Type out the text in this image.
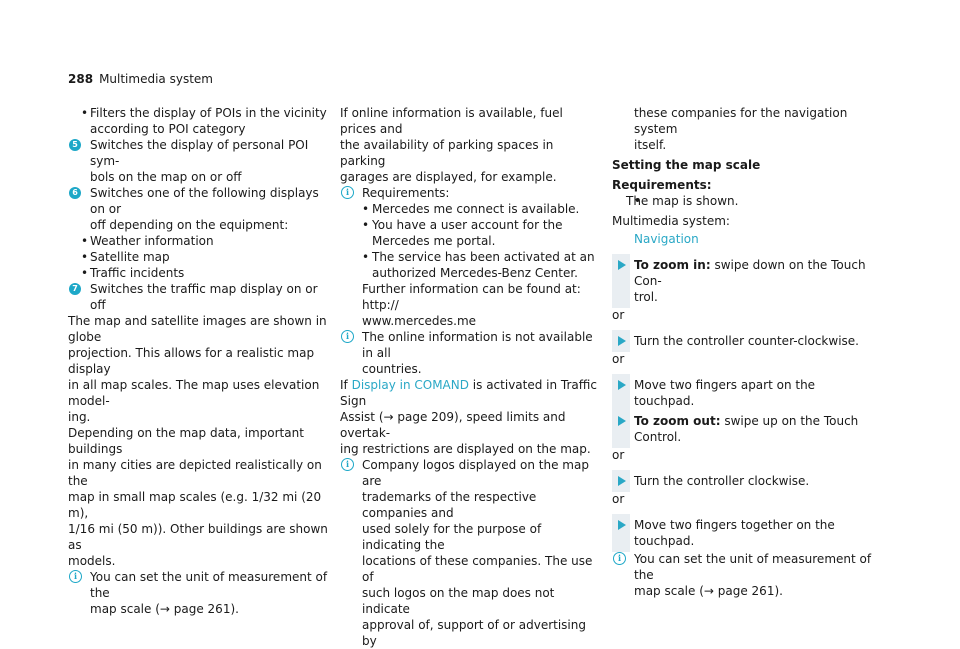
288 Multimedia system
• Filters the display of POIs in the vicinity
according to POI category
5 Switches the display of personal POI sym-
bols on the map on or off
6 Switches one of the following displays on or
off depending on the equipment:
• Weather information
• Satellite map
• Traffic incidents
7 Switches the traffic map display on or off
The map and satellite images are shown in globe
projection. This allows for a realistic map display
in all map scales. The map uses elevation model-
ing.
Depending on the map data, important buildings
in many cities are depicted realistically on the
map in small map scales (e.g. 1/32 mi (20 m),
1/16 mi (50 m)). Other buildings are shown as
models.
i	You can set the unit of measurement of the
map scale (→ page 261).
If online information is available, fuel prices and
the availability of parking spaces in parking
garages are displayed, for example.
i	Requirements:
• Mercedes me connect is available.
• You have a user account for the
Mercedes me portal.
• The service has been activated at an
authorized Mercedes-Benz Center.
Further information can be found at: http://
www.mercedes.me
i	The online information is not available in all
countries.
If Display in COMAND is activated in Traffic Sign
Assist (→ page 209), speed limits and overtak-
ing restrictions are displayed on the map.
i	Company logos displayed on the map are
trademarks of the respective companies and
used solely for the purpose of indicating the
locations of these companies. The use of
such logos on the map does not indicate
approval of, support of or advertising by
these companies for the navigation system
itself.
Setting the map scale
Requirements:
• The map is shown.
Multimedia system:
Navigation
To zoom in: swipe down on the Touch Con-
trol.
or
Turn the controller counter-clockwise.
or
Move two fingers apart on the touchpad.
To zoom out: swipe up on the Touch Control.
or
Turn the controller clockwise.
or
Move two fingers together on the touchpad.
i	You can set the unit of measurement of the
map scale (→ page 261).
